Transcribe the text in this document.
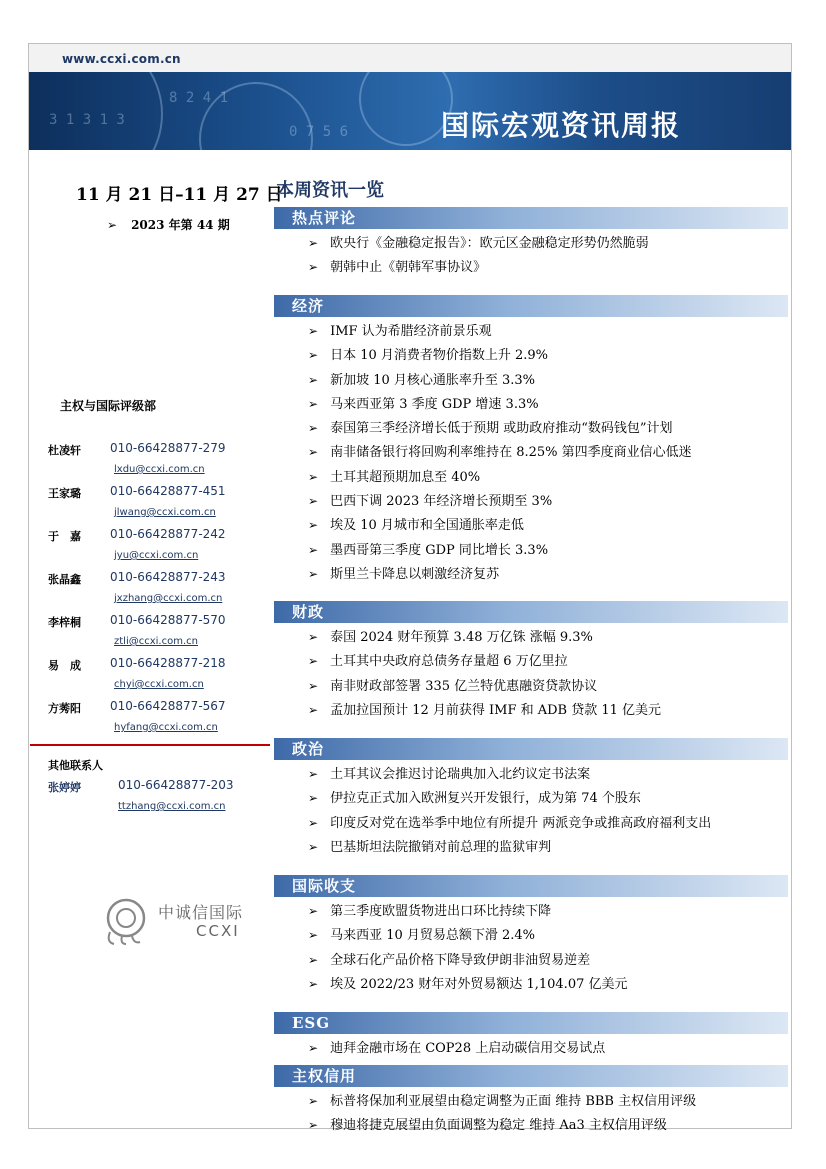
www.ccxi.com.cn
3 1 3 1 3
8 2 4 1
0 7 5 6	国际宏观资讯周报
11 月 21 日–11 月 27 日
➢ 2023 年第 44 期
主权与国际评级部
杜凌轩	010-66428877-279
lxdu@ccxi.com.cn
王家璐	010-66428877-451
jlwang@ccxi.com.cn
于　嘉	010-66428877-242
jyu@ccxi.com.cn
张晶鑫	010-66428877-243
jxzhang@ccxi.com.cn
李梓桐	010-66428877-570
ztli@ccxi.com.cn
易　成	010-66428877-218
chyi@ccxi.com.cn
方莠阳	010-66428877-567
hyfang@ccxi.com.cn
其他联系人
张婷婷	010-66428877-203
ttzhang@ccxi.com.cn
中诚信国际
CCXI
本周资讯一览
热点评论
➢ 欧央行《金融稳定报告》：欧元区金融稳定形势仍然脆弱
➢ 朝韩中止《朝韩军事协议》
经济
➢ IMF 认为希腊经济前景乐观
➢ 日本 10 月消费者物价指数上升 2.9%
➢ 新加坡 10 月核心通胀率升至 3.3%
➢ 马来西亚第 3 季度 GDP 增速 3.3%
➢ 泰国第三季经济增长低于预期 或助政府推动“数码钱包”计划
➢ 南非储备银行将回购利率维持在 8.25% 第四季度商业信心低迷
➢ 土耳其超预期加息至 40%
➢ 巴西下调 2023 年经济增长预期至 3%
➢ 埃及 10 月城市和全国通胀率走低
➢ 墨西哥第三季度 GDP 同比增长 3.3%
➢ 斯里兰卡降息以刺激经济复苏
财政
➢ 泰国 2024 财年预算 3.48 万亿铢 涨幅 9.3%
➢ 土耳其中央政府总债务存量超 6 万亿里拉
➢ 南非财政部签署 335 亿兰特优惠融资贷款协议
➢ 孟加拉国预计 12 月前获得 IMF 和 ADB 贷款 11 亿美元
政治
➢ 土耳其议会推迟讨论瑞典加入北约议定书法案
➢ 伊拉克正式加入欧洲复兴开发银行，成为第 74 个股东
➢ 印度反对党在选举季中地位有所提升 两派竞争或推高政府福利支出
➢ 巴基斯坦法院撤销对前总理的监狱审判
国际收支
➢ 第三季度欧盟货物进出口环比持续下降
➢ 马来西亚 10 月贸易总额下滑 2.4%
➢ 全球石化产品价格下降导致伊朗非油贸易逆差
➢ 埃及 2022/23 财年对外贸易额达 1,104.07 亿美元
ESG
➢ 迪拜金融市场在 COP28 上启动碳信用交易试点
主权信用
➢ 标普将保加利亚展望由稳定调整为正面 维持 BBB 主权信用评级
➢ 穆迪将捷克展望由负面调整为稳定 维持 Aa3 主权信用评级
